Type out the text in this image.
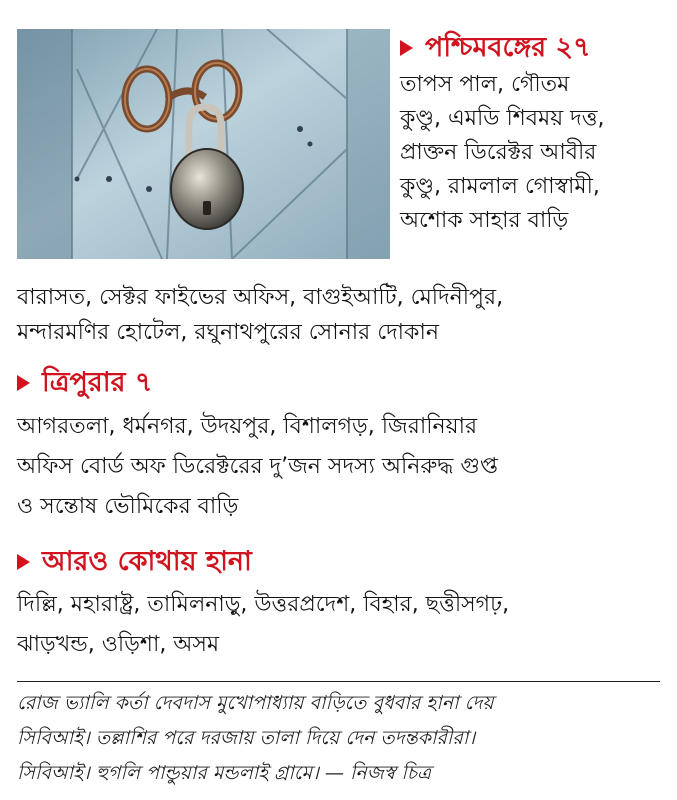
পশ্চিমবঙ্গের ২৭
তাপস পাল, গৌতম
কুণ্ডু, এমডি শিবময় দত্ত,
প্রাক্তন ডিরেক্টর আবীর
কুণ্ডু, রামলাল গোস্বামী,
অশোক সাহার বাড়ি
বারাসত, সেক্টর ফাইভের অফিস, বাগুইআটি, মেদিনীপুর,
মন্দারমণির হোটেল, রঘুনাথপুরের সোনার দোকান
ত্রিপুরার ৭
আগরতলা, ধর্মনগর, উদয়পুর, বিশালগড়, জিরানিয়ার
অফিস বোর্ড অফ ডিরেক্টরের দু’জন সদস্য অনিরুদ্ধ গুপ্ত
ও সন্তোষ ভৌমিকের বাড়ি
আরও কোথায় হানা
দিল্লি, মহারাষ্ট্র, তামিলনাড়ু, উত্তরপ্রদেশ, বিহার, ছত্তীসগঢ়,
ঝাড়খন্ড, ওড়িশা, অসম
রোজ ভ্যালি কর্তা দেবদাস মুখোপাধ্যায় বাড়িতে বুধবার হানা দেয়
সিবিআই। তল্লাশির পরে দরজায় তালা দিয়ে দেন তদন্তকারীরা।
সিবিআই। হুগলি পান্ডুয়ার মন্ডলাই গ্রামে। — নিজস্ব চিত্র
